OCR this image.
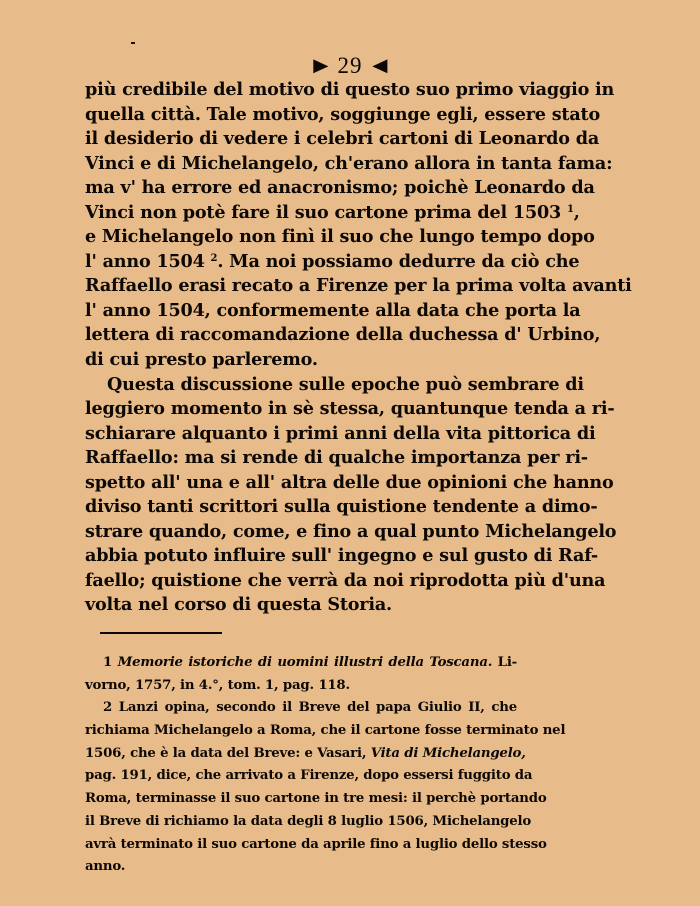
▶ 29 ◀
più credibile del motivo di questo suo primo viaggio in
quella città. Tale motivo, soggiunge egli, essere stato
il desiderio di vedere i celebri cartoni di Leonardo da
Vinci e di Michelangelo, ch'erano allora in tanta fama:
ma v' ha errore ed anacronismo; poichè Leonardo da
Vinci non potè fare il suo cartone prima del 1503 $^1$,
e Michelangelo non finì il suo che lungo tempo dopo
l' anno 1504 $^2$. Ma noi possiamo dedurre da ciò che
Raffaello erasi recato a Firenze per la prima volta avanti
l' anno 1504, conformemente alla data che porta la
lettera di raccomandazione della duchessa d' Urbino,
di cui presto parleremo.
Questa discussione sulle epoche può sembrare di
leggiero momento in sè stessa, quantunque tenda a ri-
schiarare alquanto i primi anni della vita pittorica di
Raffaello: ma si rende di qualche importanza per ri-
spetto all' una e all' altra delle due opinioni che hanno
diviso tanti scrittori sulla quistione tendente a dimo-
strare quando, come, e fino a qual punto Michelangelo
abbia potuto influire sull' ingegno e sul gusto di Raf-
faello; quistione che verrà da noi riprodotta più d'una
volta nel corso di questa Storia.
1 Memorie istoriche di uomini illustri della Toscana. Li-
vorno, 1757, in 4.°, tom. 1, pag. 118.
2 Lanzi opina, secondo il Breve del papa Giulio II, che
richiama Michelangelo a Roma, che il cartone fosse terminato nel
1506, che è la data del Breve: e Vasari, Vita di Michelangelo,
pag. 191, dice, che arrivato a Firenze, dopo essersi fuggito da
Roma, terminasse il suo cartone in tre mesi: il perchè portando
il Breve di richiamo la data degli 8 luglio 1506, Michelangelo
avrà terminato il suo cartone da aprile fino a luglio dello stesso
anno.
